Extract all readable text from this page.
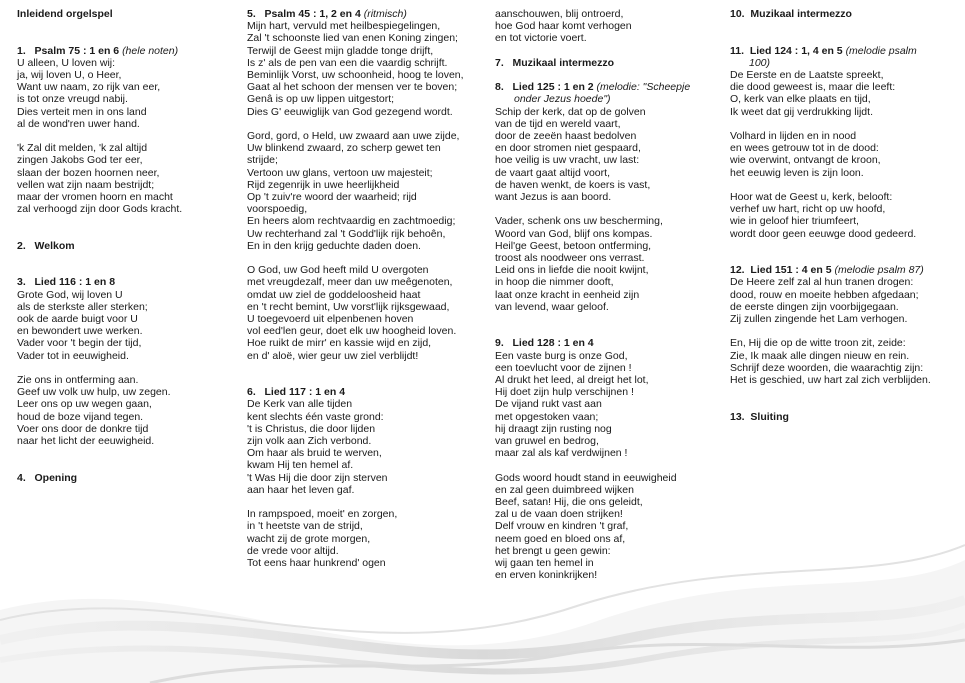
Inleidend orgelspel
1.   Psalm 75 : 1 en 6 (hele noten)
U alleen, U loven wij:
ja, wij loven U, o Heer,
Want uw naam, zo rijk van eer,
is tot onze vreugd nabij.
Dies verteit men in ons land
al de wond'ren uwer hand.
'k Zal dit melden, 'k zal altijd
zingen Jakobs God ter eer,
slaan der bozen hoornen neer,
vellen wat zijn naam bestrijdt;
maar der vromen hoorn en macht
zal verhoogd zijn door Gods kracht.
2.   Welkom
3.   Lied 116 : 1 en 8
Grote God, wij loven U
als de sterkste aller sterken;
ook de aarde buigt voor U
en bewondert uwe werken.
Vader voor 't begin der tijd,
Vader tot in eeuwigheid.
Zie ons in ontferming aan.
Geef uw volk uw hulp, uw zegen.
Leer ons op uw wegen gaan,
houd de boze vijand tegen.
Voer ons door de donkre tijd
naar het licht der eeuwigheid.
4.   Opening
5.   Psalm 45 : 1, 2 en 4 (ritmisch)
Mijn hart, vervuld met heilbespiegelingen,
Zal 't schoonste lied van enen Koning zingen;
Terwijl de Geest mijn gladde tonge drijft,
Is z' als de pen van een die vaardig schrijft.
Beminlijk Vorst, uw schoonheid, hoog te loven,
Gaat al het schoon der mensen ver te boven;
Genâ is op uw lippen uitgestort;
Dies G' eeuwiglijk van God gezegend wordt.
Gord, gord, o Held, uw zwaard aan uwe zijde,
Uw blinkend zwaard, zo scherp gewet ten
strijde;
Vertoon uw glans, vertoon uw majesteit;
Rijd zegenrijk in uwe heerlijkheid
Op 't zuiv're woord der waarheid; rijd
voorspoedig,
En heers alom rechtvaardig en zachtmoedig;
Uw rechterhand zal 't Godd'lijk rijk behoên,
En in den krijg geduchte daden doen.
O God, uw God heeft mild U overgoten
met vreugdezalf, meer dan uw meêgenoten,
omdat uw ziel de goddeloosheid haat
en 't recht bemint, Uw vorst'lijk rijksgewaad,
U toegevoerd uit elpenbenen hoven
vol eed'len geur, doet elk uw hoogheid loven.
Hoe ruikt de mirr' en kassie wijd en zijd,
en d' aloë, wier geur uw ziel verblijdt!
6.   Lied 117 : 1 en 4
De Kerk van alle tijden
kent slechts één vaste grond:
't is Christus, die door lijden
zijn volk aan Zich verbond.
Om haar als bruid te werven,
kwam Hij ten hemel af.
't Was Hij die door zijn sterven
aan haar het leven gaf.
In rampspoed, moeit' en zorgen,
in 't heetste van de strijd,
wacht zij de grote morgen,
de vrede voor altijd.
Tot eens haar hunkrend' ogen
aanschouwen, blij ontroerd,
hoe God haar komt verhogen
en tot victorie voert.
7.   Muzikaal intermezzo
8.   Lied 125 : 1 en 2 (melodie: "Scheepje
onder Jezus hoede")
Schip der kerk, dat op de golven
van de tijd en wereld vaart,
door de zeeën haast bedolven
en door stromen niet gespaard,
hoe veilig is uw vracht, uw last:
de vaart gaat altijd voort,
de haven wenkt, de koers is vast,
want Jezus is aan boord.
Vader, schenk ons uw bescherming,
Woord van God, blijf ons kompas.
Heil'ge Geest, betoon ontferming,
troost als noodweer ons verrast.
Leid ons in liefde die nooit kwijnt,
in hoop die nimmer dooft,
laat onze kracht in eenheid zijn
van levend, waar geloof.
9.   Lied 128 : 1 en 4
Een vaste burg is onze God,
een toevlucht voor de zijnen !
Al drukt het leed, al dreigt het lot,
Hij doet zijn hulp verschijnen !
De vijand rukt vast aan
met opgestoken vaan;
hij draagt zijn rusting nog
van gruwel en bedrog,
maar zal als kaf verdwijnen !
Gods woord houdt stand in eeuwigheid
en zal geen duimbreed wijken
Beef, satan! Hij, die ons geleidt,
zal u de vaan doen strijken!
Delf vrouw en kindren 't graf,
neem goed en bloed ons af,
het brengt u geen gewin:
wij gaan ten hemel in
en erven koninkrijken!
10.  Muzikaal intermezzo
11.  Lied 124 : 1, 4 en 5 (melodie psalm
100)
De Eerste en de Laatste spreekt,
die dood geweest is, maar die leeft:
O, kerk van elke plaats en tijd,
Ik weet dat gij verdrukking lijdt.
Volhard in lijden en in nood
en wees getrouw tot in de dood:
wie overwint, ontvangt de kroon,
het eeuwig leven is zijn loon.
Hoor wat de Geest u, kerk, belooft:
verhef uw hart, richt op uw hoofd,
wie in geloof hier triumfeert,
wordt door geen eeuwge dood gedeerd.
12.  Lied 151 : 4 en 5 (melodie psalm 87)
De Heere zelf zal al hun tranen drogen:
dood, rouw en moeite hebben afgedaan;
de eerste dingen zijn voorbijgegaan.
Zij zullen zingende het Lam verhogen.
En, Hij die op de witte troon zit, zeide:
Zie, Ik maak alle dingen nieuw en rein.
Schrijf deze woorden, die waarachtig zijn:
Het is geschied, uw hart zal zich verblijden.
13.  Sluiting
